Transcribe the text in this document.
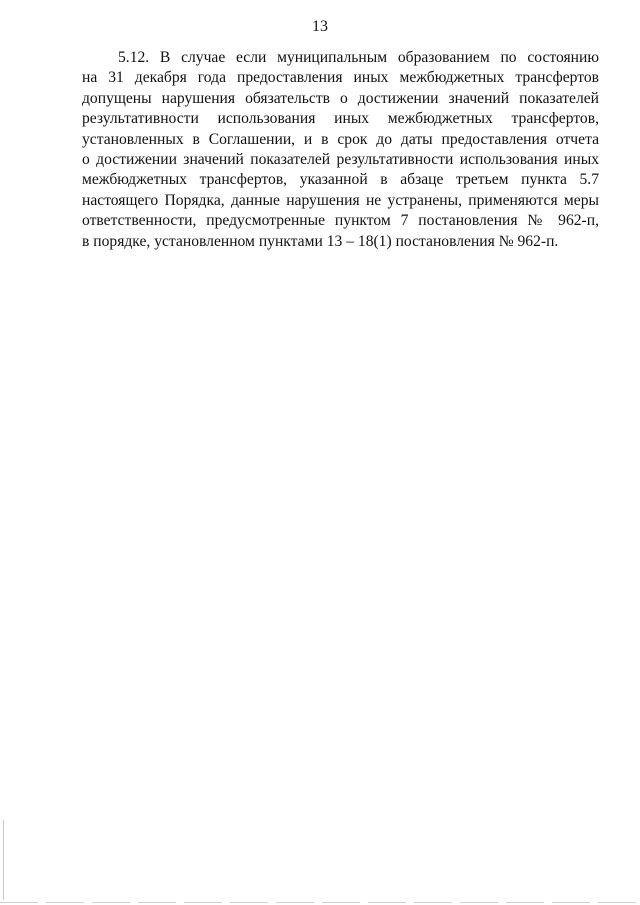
13
5.12. В случае если муниципальным образованием по состоянию
на 31 декабря года предоставления иных межбюджетных трансфертов
допущены нарушения обязательств о достижении значений показателей
результативности использования иных межбюджетных трансфертов,
установленных в Соглашении, и в срок до даты предоставления отчета
о достижении значений показателей результативности использования иных
межбюджетных трансфертов, указанной в абзаце третьем пункта 5.7
настоящего Порядка, данные нарушения не устранены, применяются меры
ответственности, предусмотренные пунктом 7 постановления № 962-п,
в порядке, установленном пунктами 13 – 18(1) постановления № 962-п.
